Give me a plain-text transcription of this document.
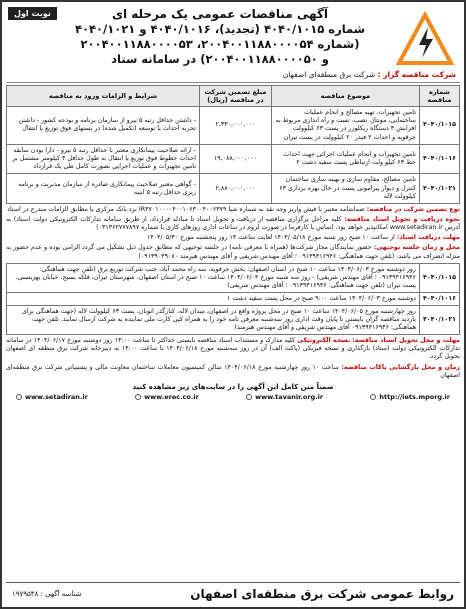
نوبت اول	آگهی مناقصات عمومی یک مرحله ای
شماره ۴۰۴۰/۱۰۱۵ (تجدید)، ۴۰۴۰/۱۰۱۶ و ۴۰۴۰/۱۰۲۱
(شماره ۲۰۰۴۰۰۱۱۸۸۰۰۰۰۵۴، ۲۰۰۴۰۰۱۱۸۸۰۰۰۰۵۳
و ۲۰۰۴۰۰۱۱۸۸۰۰۰۰۵۰) در سامانه ستاد
شرکت مناقصه گزار : شرکت برق منطقه‌ای اصفهان
شماره مناقصه	موضوع مناقصه	مبلغ تضمین شرکت در مناقصه (ریال)	شرایط و الزامات ورود به مناقصه
۴۰۴۰/۱۰۱۵	تامین تجهیزات، تهیه مصالح و انجام عملیات ساختمانی، مونتاژ، نصب، تست و راه اندازی مربوط به افزایش ۳ دستگاه ریکلوزر در پست ۶۳ کیلوولت جرقویه و احداث ۲ فیدر ۲۰ کیلوولت در پست تیران	۲,۳۳۰,۰۰۰,۰۰۰	- داشتن حداقل رتبه ۵ نیرو از سازمان برنامه و بودجه کشور - داشتن تجربه احداث یا توسعه (تکمیل شده) در پستهای فوق توزیع یا انتقال
۴۰۴۰/۱۰۱۶	تامین تجهیزات و انجام عملیات اجرائی جهت احداث خط ۶۳ کیلو ولت ارتباطی پست سفید دشت ۲	۱۹,۰۸۸,۰۰۰,۰۰۰	- ارائه صلاحیت پیمانکاری معتبر با حداقل رتبه ۵ نیرو - دارا بودن سابقه احداث خطوط فوق توزیع یا انتقال به طول حداقل ۴ کیلومتر مشتمل بر تامین تجهیزات و عملیات اجرایی بصورت کامل طی یک قرارداد
۴۰۴۰/۱۰۲۱	تامین مصالح، مقاوم سازی و بهینه سازی ساختمان کنترل و دیوار پیرامونی پست در حال بهره برداری ۶۳ کیلوولت لاله	۲,۸۸۰,۰۰۰,۰۰۰	- گواهی معتبر صلاحیت پیمانکاری صادره از سازمان مدیریت و برنامه ریزی حداقل رتبه ۵ ابنیه

نوع تضمین شرکت در مناقصه: ضمانتنامه معتبر با فیش واریز وجه نقد به شماره شبا IR۳۷۰۱۰۰۰۰۴۰۰۱۰۶۳۰۰۴۰۰۶۳۷۹ نزد بانک مرکزی یا مطابق الزامات مندرج در اسناد

نحوه دریافت و تحویل اسناد مناقصه: کلیه مراحل برگزاری مناقصه از دریافت و تحویل اسناد تا مبادله قرارداد، از طریق سامانه تدارکات الکترونیکی دولت (ستاد) به آدرس www.setadiran.ir امکانپذیر خواهد بود. (تماس با کارفرما در صورت لزوم در ساعات اداری روزهای کاری با شماره ۰۳۱۳۶۲۷۷۷۸۹۷)

مهلت دریافت اسناد: از ساعت ۱۰ صبح روز شنبه مورخ ۱۴۰۴/۰۵/۱۸ لغایت ساعت ۱۴ روز پنجشنبه مورخ ۱۴۰۴/۰۵/۳۰

محل و زمان جلسه توجیهی: حضور نمایندگان مجاز شرکت‌ها (همراه با معرفی نامه) در جلسه توجیهی که مطابق جدول ذیل تشکیل می گردد الزامی بوده و عدم حضور به منزله انصراف می باشد. (تلفن جهت هماهنگی: ۰۹۱۳۹۴۱۶۹۴۶ ؛ آقای مهندس شریفی و آقای مهندس هیرمند ۰۹۱۳۹۰۳۹۰۸۰)

۴۰۴۰/۱۰۱۵	روز دوشنبه مورخ ۱۴۰۴/۰۶/۰۳ ساعت ۱۰ صبح در استان اصفهان: بخش جرقویه، سه راه محمد آباد، جنب شرکت توزیع برق (تلفن جهت هماهنگی: ۰۹۱۳۹۴۱۶۹۴۶ ؛ آقای مهندس شریفی) - روز سه شنبه مورخ ۱۴۰۴/۰۶/۰۴ ساعت ۱۰ صبح در استان اصفهان، شهرستان تیران، فلکه بسیج، خیابان بهزیستی، پست تیران (تلفن جهت هماهنگی: ۰۹۱۳۹۴۱۶۹۴۶ ؛ آقای مهندس شریفی)
۴۰۴۰/۱۰۱۶	دوشنبه مورخ ۱۴۰۴/۰۶/۰۳ ساعت ۹:۰۰ صبح در محل پست سفید دشت ۱
۴۰۴۰/۱۰۲۱	روز چهارشنبه مورخ ۱۴۰۴/۰۶/۰۵ ساعت ۱۰ صبح در محل پروژه واقع در اصفهان، میدان لاله، کنارگذر اتوبان، پست ۶۳ کیلوولت لاله (جهت هماهنگی برای بازدید مناقصه گران بایستی تا پایان وقت اداری روز سه‌شنبه معرفی نامه خود را به همراه کپی کارت ملی نماینده به شرکت ارسال نمایند. تلفن جهت هماهنگی: ۰۹۱۳۹۴۱۶۹۴۶ آقای مهندس شریفی و آقای مهندس هیرمند)

مهلت و محل تحویل اسناد مناقصه: نسخه الکترونیکی کلیه مدارک و مستندات اسناد مناقصه بایستی حداکثر تا ساعت ۱۴:۰۰ روز دوشنبه مورخ ۱۴۰۴/۰۶/۱۷ در سامانه تدارکات الکترونیکی دولت (ستاد) بارگذاری و نسخه فیزیکی (پاکت الف) آن در روز سه‌شنبه مورخ ۱۴۰۴/۰۶/۱۸ تا ساعت ۱۴:۰۰ به دبیرخانه شرکت برق منطقه ای اصفهان تحویل گردد.

زمان و محل بازگشایی پاکات مناقصه: ساعت ۱۰ روز چهارشنبه مورخ ۱۴۰۴/۰۶/۱۸ سالن کمیسیون معاملات ساختمان معاونت مالی و پشتیبانی شرکت برق منطقه‌ای اصفهان

ضمناً متن کامل این آگهی را در سایت‌های زیر مشاهده کنید
www.setadiran.ir	www.erec.co.ir	www.tavanir.org.ir	http://iets.mporg.ir
روابط عمومی شرکت برق منطقه‌ای اصفهان
شناسه آگهی : ۱۹۷۹۵۴۸
